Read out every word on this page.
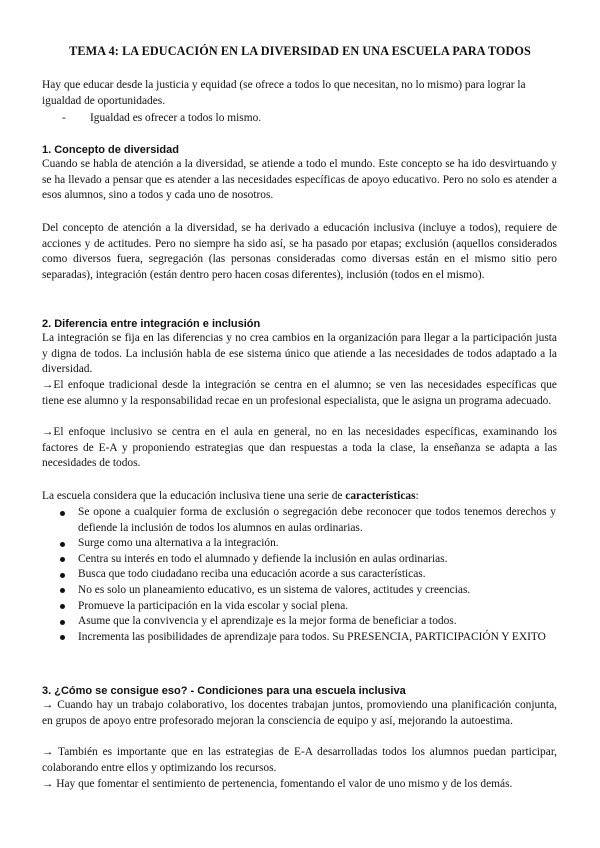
TEMA 4: LA EDUCACIÓN EN LA DIVERSIDAD EN UNA ESCUELA PARA TODOS

Hay que educar desde la justicia y equidad (se ofrece a todos lo que necesitan, no lo mismo) para lograr la igualdad de oportunidades.

- Igualdad es ofrecer a todos lo mismo.
1. Concepto de diversidad

Cuando se habla de atención a la diversidad, se atiende a todo el mundo. Este concepto se ha ido desvirtuando y se ha llevado a pensar que es atender a las necesidades específicas de apoyo educativo. Pero no solo es atender a esos alumnos, sino a todos y cada uno de nosotros.

Del concepto de atención a la diversidad, se ha derivado a educación inclusiva (incluye a todos), requiere de acciones y de actitudes. Pero no siempre ha sido así, se ha pasado por etapas; exclusión (aquellos considerados como diversos fuera, segregación (las personas consideradas como diversas están en el mismo sitio pero separadas), integración (están dentro pero hacen cosas diferentes), inclusión (todos en el mismo).

2. Diferencia entre integración e inclusión

La integración se fija en las diferencias y no crea cambios en la organización para llegar a la participación justa y digna de todos. La inclusión habla de ese sistema único que atiende a las necesidades de todos adaptado a la diversidad.

→El enfoque tradicional desde la integración se centra en el alumno; se ven las necesidades específicas que tiene ese alumno y la responsabilidad recae en un profesional especialista, que le asigna un programa adecuado.

→El enfoque inclusivo se centra en el aula en general, no en las necesidades específicas, examinando los factores de E-A y proponiendo estrategias que dan respuestas a toda la clase, la enseñanza se adapta a las necesidades de todos.

La escuela considera que la educación inclusiva tiene una serie de características:

Se opone a cualquier forma de exclusión o segregación debe reconocer que todos tenemos derechos y defiende la inclusión de todos los alumnos en aulas ordinarias.
Surge como una alternativa a la integración.
Centra su interés en todo el alumnado y defiende la inclusión en aulas ordinarias.
Busca que todo ciudadano reciba una educación acorde a sus características.
No es solo un planeamiento educativo, es un sistema de valores, actitudes y creencias.
Promueve la participación en la vida escolar y social plena.
Asume que la convivencia y el aprendizaje es la mejor forma de beneficiar a todos.
Incrementa las posibilidades de aprendizaje para todos. Su PRESENCIA, PARTICIPACIÓN Y EXITO
3. ¿Cómo se consigue eso? - Condiciones para una escuela inclusiva

→ Cuando hay un trabajo colaborativo, los docentes trabajan juntos, promoviendo una planificación conjunta, en grupos de apoyo entre profesorado mejoran la consciencia de equipo y así, mejorando la autoestima.

→ También es importante que en las estrategias de E-A desarrolladas todos los alumnos puedan participar, colaborando entre ellos y optimizando los recursos.

→ Hay que fomentar el sentimiento de pertenencia, fomentando el valor de uno mismo y de los demás.
